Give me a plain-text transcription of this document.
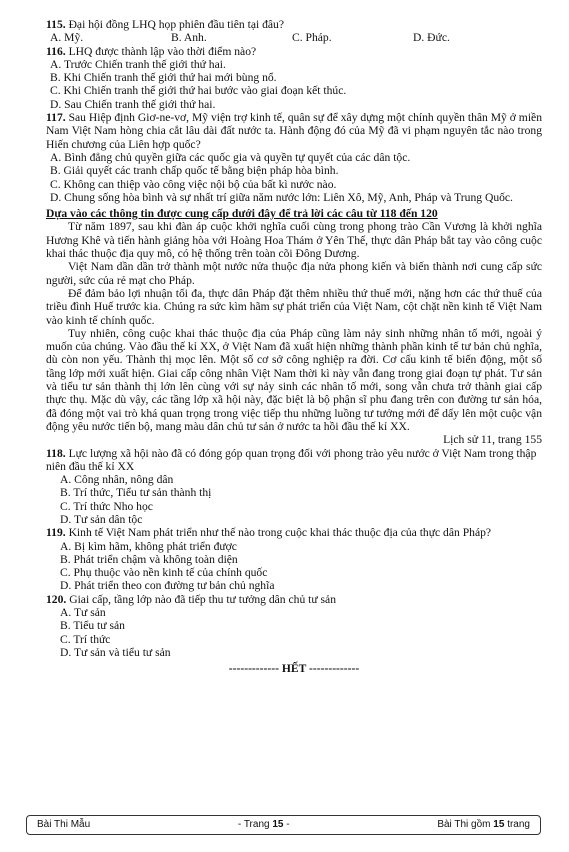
115. Đại hội đồng LHQ họp phiên đầu tiên tại đâu?
A. Mỹ.	B. Anh.	C. Pháp.	D. Đức.
116. LHQ được thành lập vào thời điểm nào?
A. Trước Chiến tranh thế giới thứ hai.
B. Khi Chiến tranh thế giới thứ hai mới bùng nổ.
C. Khi Chiến tranh thế giới thứ hai bước vào giai đoạn kết thúc.
D. Sau Chiến tranh thế giới thứ hai.
117. Sau Hiệp định Giơ-ne-vơ, Mỹ viện trợ kinh tế, quân sự để xây dựng một chính quyền thân Mỹ ở miền Nam Việt Nam hòng chia cắt lâu dài đất nước ta. Hành động đó của Mỹ đã vi phạm nguyên tắc nào trong Hiến chương của Liên hợp quốc?
A. Bình đẳng chủ quyền giữa các quốc gia và quyền tự quyết của các dân tộc.
B. Giải quyết các tranh chấp quốc tế bằng biện pháp hòa bình.
C. Không can thiệp vào công việc nội bộ của bất kì nước nào.
D. Chung sống hòa bình và sự nhất trí giữa năm nước lớn: Liên Xô, Mỹ, Anh, Pháp và Trung Quốc.
Dựa vào các thông tin được cung cấp dưới đây để trả lời các câu từ 118 đến 120

Từ năm 1897, sau khi đàn áp cuộc khởi nghĩa cuối cùng trong phong trào Cần Vương là khởi nghĩa Hương Khê và tiến hành giảng hòa với Hoàng Hoa Thám ở Yên Thế, thực dân Pháp bắt tay vào công cuộc khai thác thuộc địa quy mô, có hệ thống trên toàn cõi Đông Dương.

Việt Nam dần dần trở thành một nước nửa thuộc địa nửa phong kiến và biến thành nơi cung cấp sức người, sức của rẻ mạt cho Pháp.

Để đảm bảo lợi nhuận tối đa, thực dân Pháp đặt thêm nhiều thứ thuế mới, nặng hơn các thứ thuế của triều đình Huế trước kia. Chúng ra sức kìm hãm sự phát triển của Việt Nam, cột chặt nền kinh tế Việt Nam vào kinh tế chính quốc.

Tuy nhiên, công cuộc khai thác thuộc địa của Pháp cũng làm nảy sinh những nhân tố mới, ngoài ý muốn của chúng. Vào đầu thế kỉ XX, ở Việt Nam đã xuất hiện những thành phần kinh tế tư bản chủ nghĩa, dù còn non yếu. Thành thị mọc lên. Một số cơ sở công nghiệp ra đời. Cơ cấu kinh tế biến động, một số tầng lớp mới xuất hiện. Giai cấp công nhân Việt Nam thời kì này vẫn đang trong giai đoạn tự phát. Tư sản và tiểu tư sản thành thị lớn lên cùng với sự nảy sinh các nhân tố mới, song vẫn chưa trở thành giai cấp thực thụ. Mặc dù vậy, các tầng lớp xã hội này, đặc biệt là bộ phận sĩ phu đang trên con đường tư sản hóa, đã đóng một vai trò khá quan trọng trong việc tiếp thu những luồng tư tưởng mới để dấy lên một cuộc vận động yêu nước tiến bộ, mang màu dân chủ tư sản ở nước ta hồi đầu thế kỉ XX.

Lịch sử 11, trang 155
118. Lực lượng xã hội nào đã có đóng góp quan trọng đối với phong trào yêu nước ở Việt Nam trong thập niên đầu thế kỉ XX
A. Công nhân, nông dân
B. Trí thức, Tiểu tư sản thành thị
C. Trí thức Nho học
D. Tư sản dân tộc
119. Kinh tế Việt Nam phát triển như thế nào trong cuộc khai thác thuộc địa của thực dân Pháp?
A. Bị kìm hãm, không phát triển được
B. Phát triển chậm và không toàn diện
C. Phụ thuộc vào nền kinh tế của chính quốc
D. Phát triển theo con đường tư bản chủ nghĩa
120. Giai cấp, tầng lớp nào đã tiếp thu tư tưởng dân chủ tư sản
A. Tư sản
B. Tiểu tư sản
C. Trí thức
D. Tư sản và tiểu tư sản
------------- HẾT -------------
Bài Thi Mẫu	- Trang 15 -	Bài Thi gồm 15 trang
